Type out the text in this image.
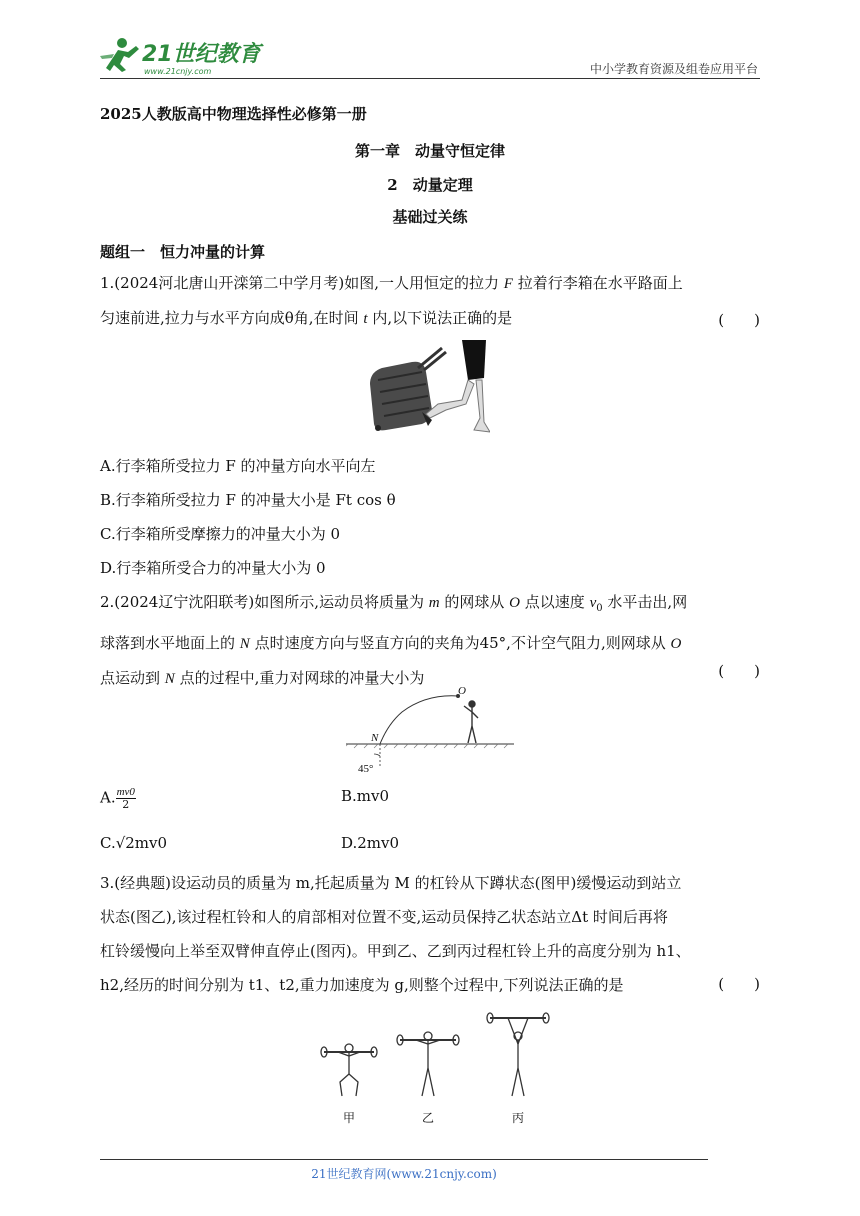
21世纪教育
www.21cnjy.com	中小学教育资源及组卷应用平台
2025人教版高中物理选择性必修第一册
第一章　动量守恒定律
2　动量定理
基础过关练
题组一　恒力冲量的计算
1.(2024河北唐山开滦第二中学月考)如图,一人用恒定的拉力 F 拉着行李箱在水平路面上
匀速前进,拉力与水平方向成θ角,在时间 t 内,以下说法正确的是	(　　)
A.行李箱所受拉力 F 的冲量方向水平向左
B.行李箱所受拉力 F 的冲量大小是 Ft cos θ
C.行李箱所受摩擦力的冲量大小为 0
D.行李箱所受合力的冲量大小为 0
2.(2024辽宁沈阳联考)如图所示,运动员将质量为 m 的网球从 O 点以速度 $v_0$ 水平击出,网
球落到水平地面上的 N 点时速度方向与竖直方向的夹角为45°,不计空气阻力,则网球从 O
点运动到 N 点的过程中,重力对网球的冲量大小为	(　　)
O
N
45°
A. $\frac{mv0}{2}$	B.mv0
C.√2mv0	D.2mv0
3.(经典题)设运动员的质量为 m,托起质量为 M 的杠铃从下蹲状态(图甲)缓慢运动到站立
状态(图乙),该过程杠铃和人的肩部相对位置不变,运动员保持乙状态站立Δt 时间后再将
杠铃缓慢向上举至双臂伸直停止(图丙)。甲到乙、乙到丙过程杠铃上升的高度分别为 h1、
h2,经历的时间分别为 t1、t2,重力加速度为 g,则整个过程中,下列说法正确的是	(　　)
甲	乙	丙
21世纪教育网(www.21cnjy.com)
